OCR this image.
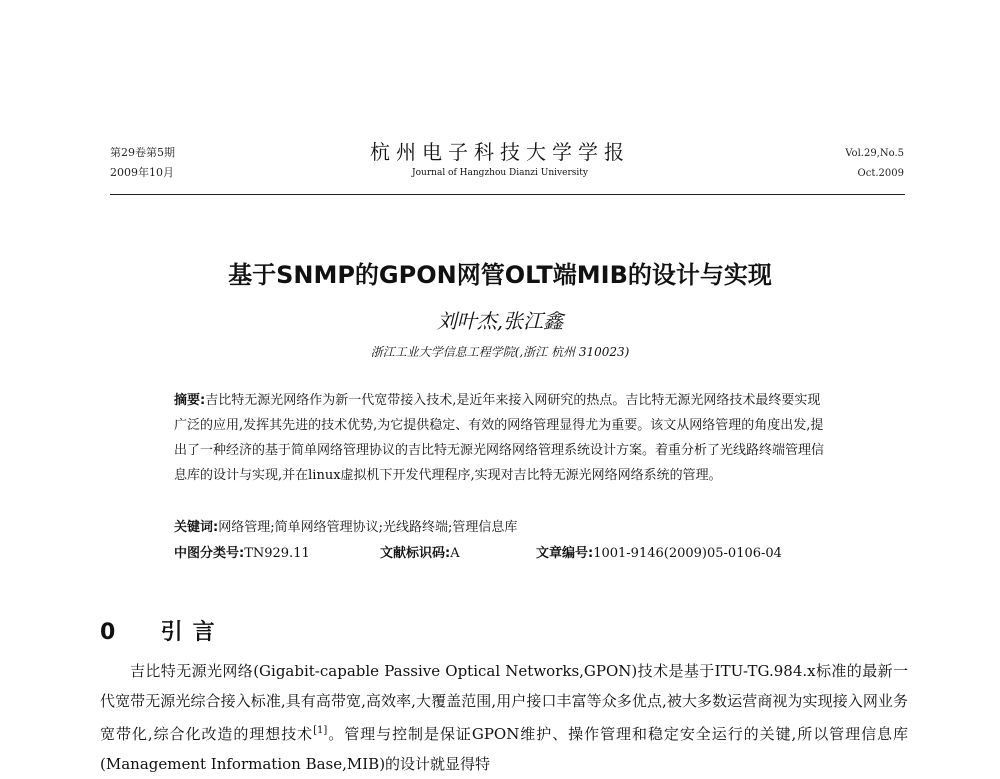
第29卷第5期
2009年10月
杭州电子科技大学学报
Journal of Hangzhou Dianzi University
Vol.29,No.5
Oct.2009
基于SNMP的GPON网管OLT端MIB的设计与实现
刘叶杰,张江鑫
浙江工业大学信息工程学院(,浙江 杭州 310023)
摘要:吉比特无源光网络作为新一代宽带接入技术,是近年来接入网研究的热点。吉比特无源光网络技术最终要实现广泛的应用,发挥其先进的技术优势,为它提供稳定、有效的网络管理显得尤为重要。该文从网络管理的角度出发,提出了一种经济的基于简单网络管理协议的吉比特无源光网络网络管理系统设计方案。着重分析了光线路终端管理信息库的设计与实现,并在linux虚拟机下开发代理程序,实现对吉比特无源光网络网络系统的管理。
关键词:网络管理;简单网络管理协议;光线路终端;管理信息库
中图分类号:TN929.11	文献标识码:A	文章编号:1001-9146(2009)05-0106-04
0 引言
吉比特无源光网络(Gigabit-capable Passive Optical Networks,GPON)技术是基于ITU-TG.984.x标准的最新一代宽带无源光综合接入标准,具有高带宽,高效率,大覆盖范围,用户接口丰富等众多优点,被大多数运营商视为实现接入网业务宽带化,综合化改造的理想技术[1]。管理与控制是保证GPON维护、操作管理和稳定安全运行的关键,所以管理信息库(Management Information Base,MIB)的设计就显得特
